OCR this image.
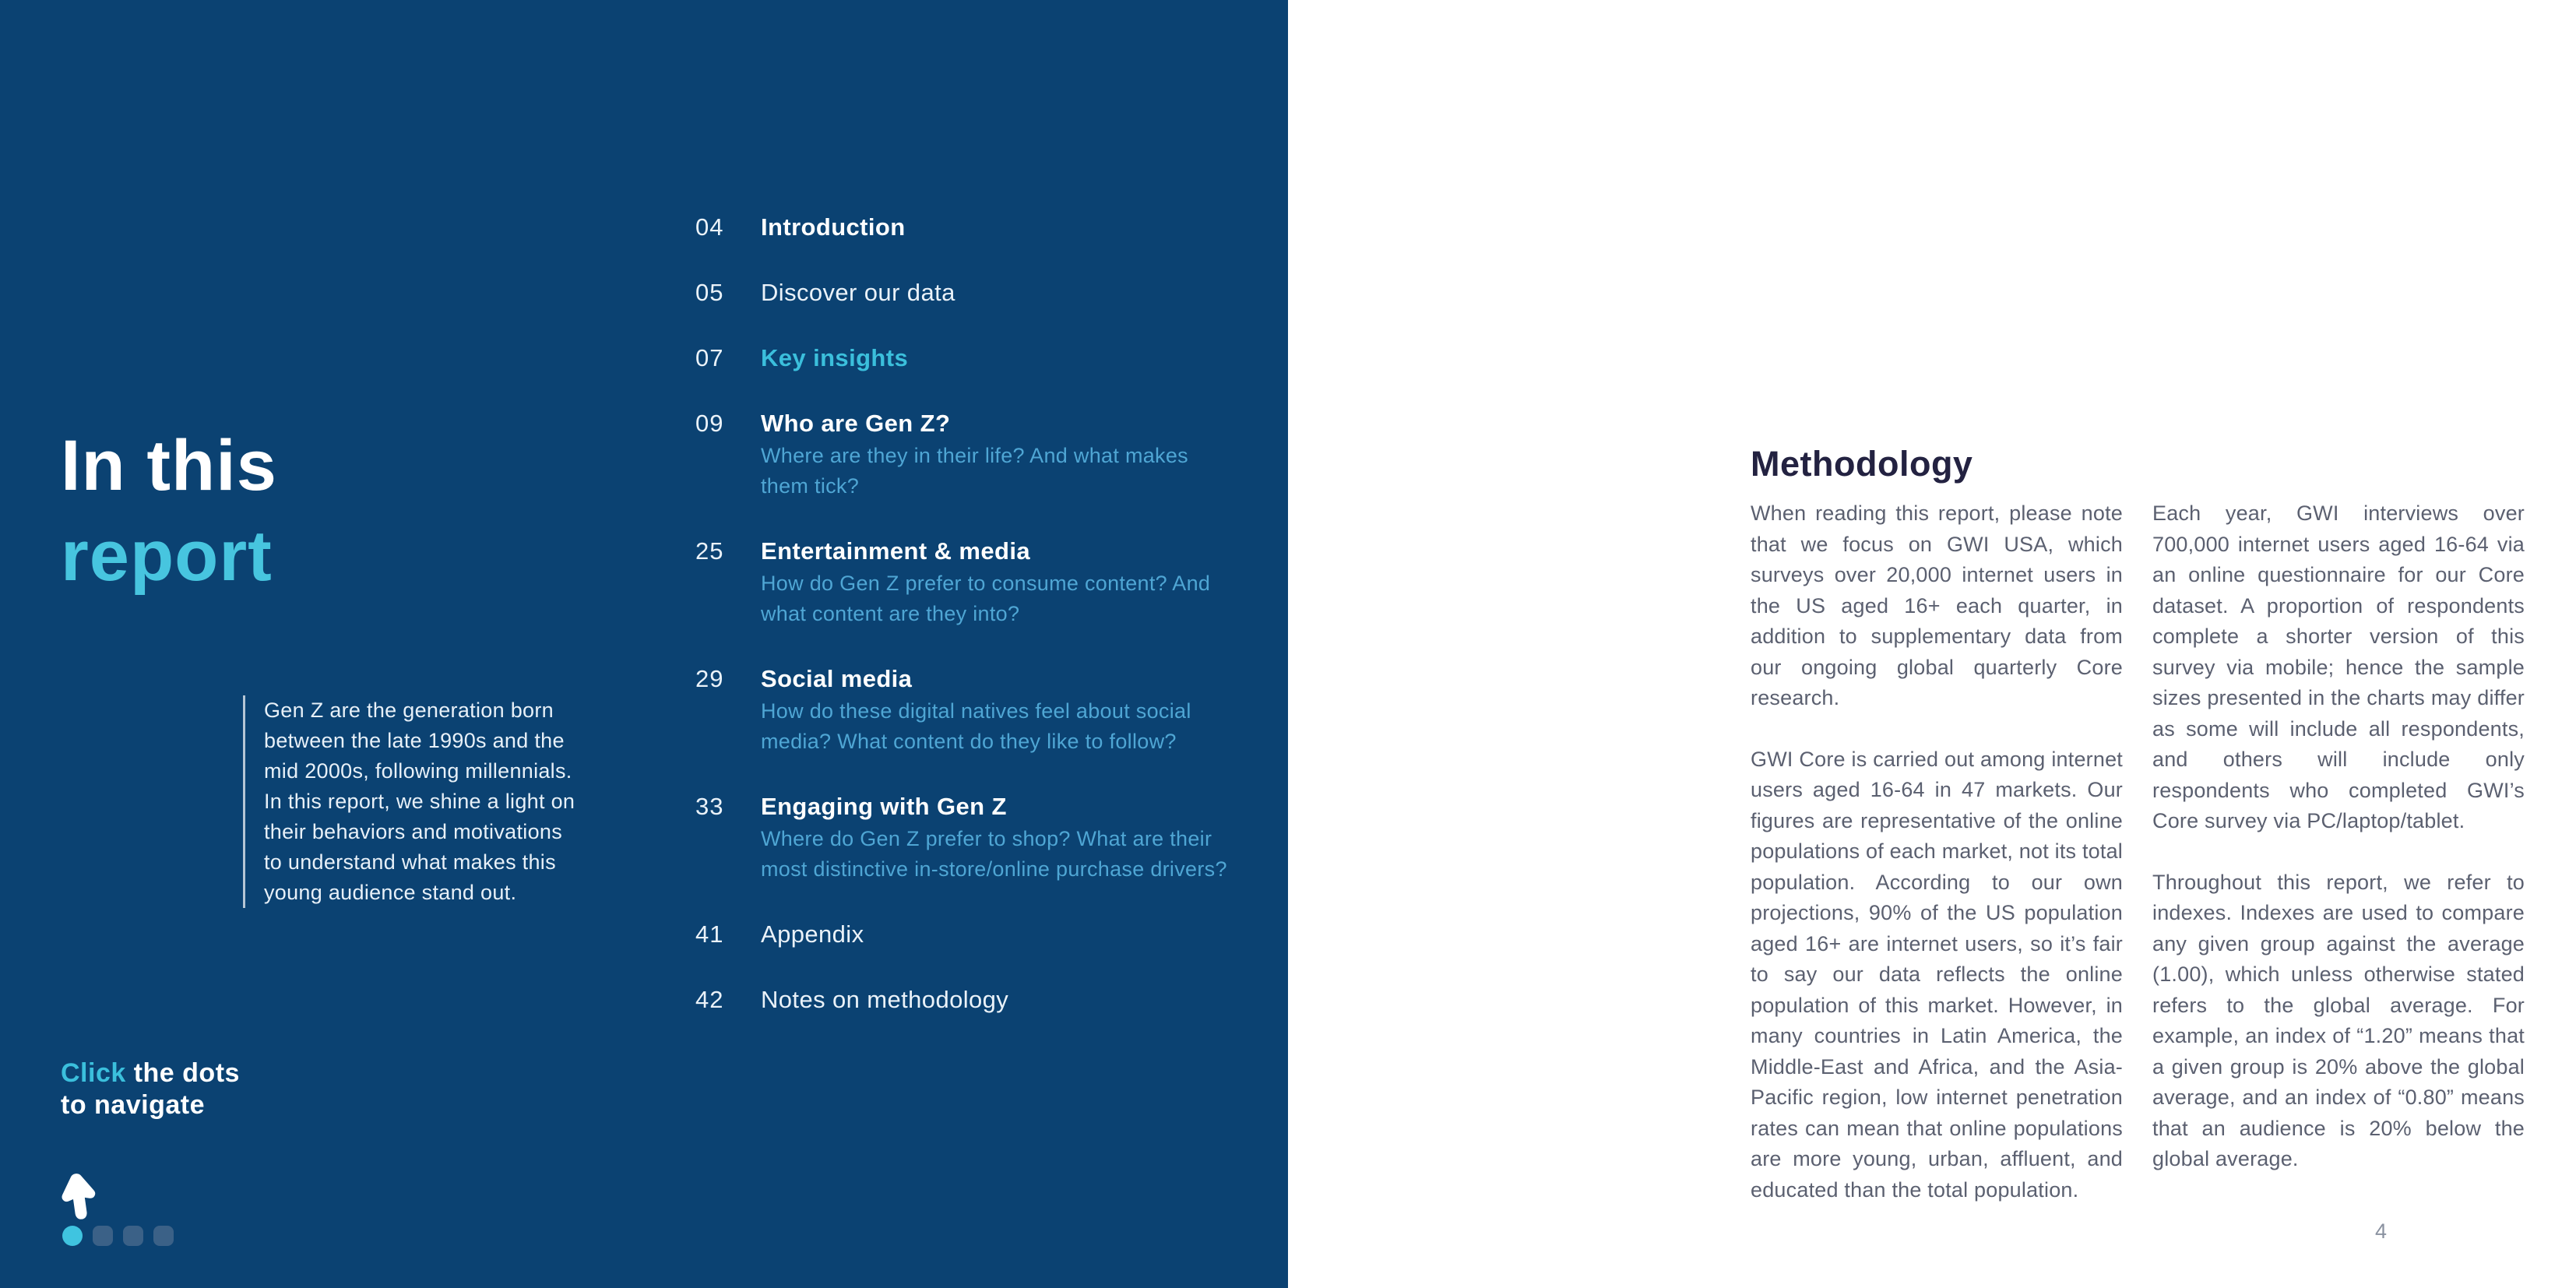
In this
report
Gen Z are the generation born between the late 1990s and the mid 2000s, following millennials. In this report, we shine a light on their behaviors and motivations to understand what makes this young audience stand out.
04	Introduction
05	Discover our data
07	Key insights
09	Who are Gen Z?
Where are they in their life? And what makes them tick?
25	Entertainment & media
How do Gen Z prefer to consume content? And what content are they into?
29	Social media
How do these digital natives feel about social media? What content do they like to follow?
33	Engaging with Gen Z
Where do Gen Z prefer to shop? What are their most distinctive in-store/online purchase drivers?
41	Appendix
42	Notes on methodology
Click the dots
to navigate
Methodology

When reading this report, please note that we focus on GWI USA, which surveys over 20,000 internet users in the US aged 16+ each quarter, in addition to supplementary data from our ongoing global quarterly Core research.

GWI Core is carried out among internet users aged 16-64 in 47 markets. Our figures are representative of the online populations of each market, not its total population. According to our own projections, 90% of the US population aged 16+ are internet users, so it’s fair to say our data reflects the online population of this market. However, in many countries in Latin America, the Middle-East and Africa, and the Asia-Pacific region, low internet penetration rates can mean that online populations are more young, urban, affluent, and educated than the total population.

Each year, GWI interviews over 700,000 internet users aged 16-64 via an online questionnaire for our Core dataset. A proportion of respondents complete a shorter version of this survey via mobile; hence the sample sizes presented in the charts may differ as some will include all respondents, and others will include only respondents who completed GWI’s Core survey via PC/laptop/tablet.

Throughout this report, we refer to indexes. Indexes are used to compare any given group against the average (1.00), which unless otherwise stated refers to the global average. For example, an index of “1.20” means that a given group is 20% above the global average, and an index of “0.80” means that an audience is 20% below the global average.

4
